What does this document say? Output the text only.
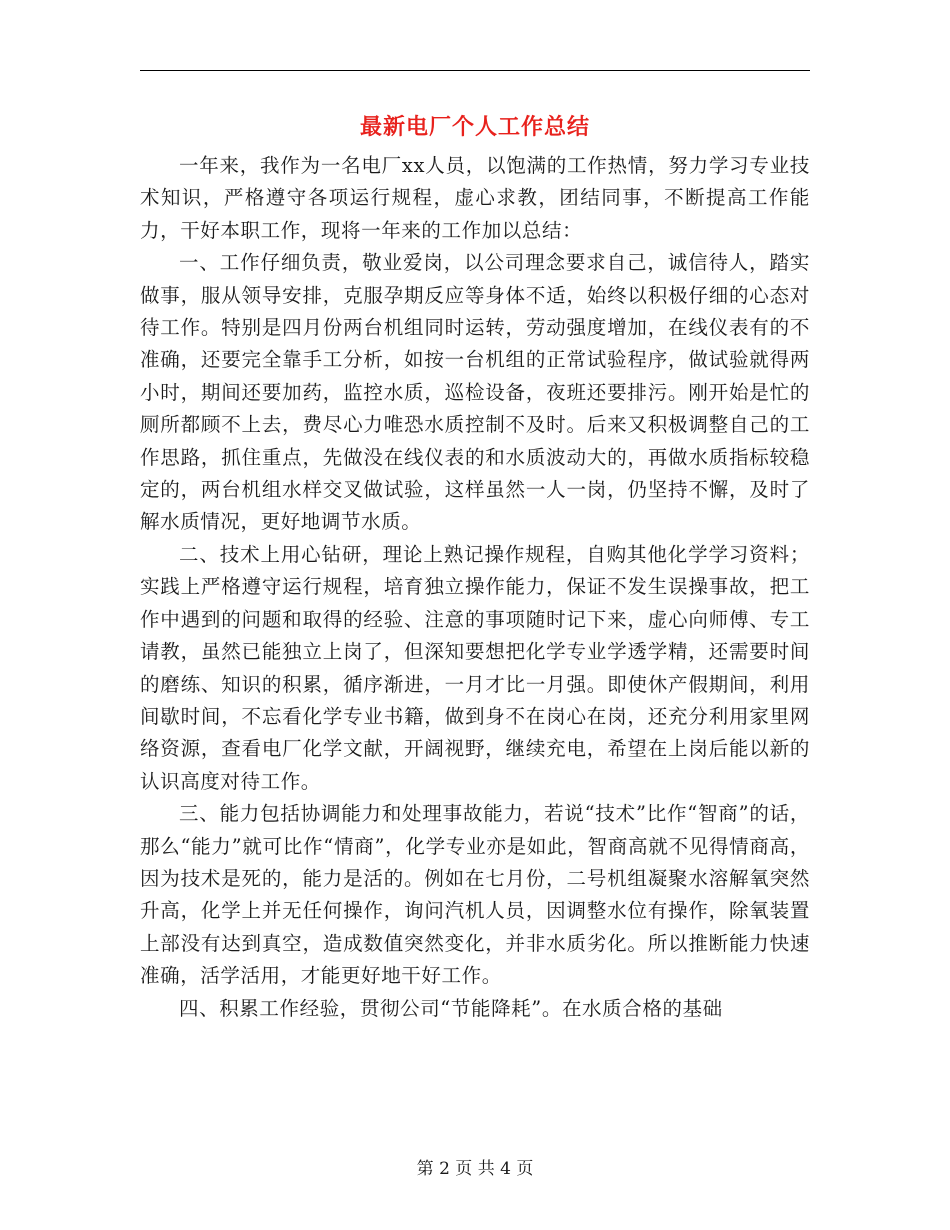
最新电厂个人工作总结

一年来，我作为一名电厂xx人员，以饱满的工作热情，努力学习专业技术知识，严格遵守各项运行规程，虚心求教，团结同事，不断提高工作能力，干好本职工作，现将一年来的工作加以总结：

一、工作仔细负责，敬业爱岗，以公司理念要求自己，诚信待人，踏实做事，服从领导安排，克服孕期反应等身体不适，始终以积极仔细的心态对待工作。特别是四月份两台机组同时运转，劳动强度增加，在线仪表有的不准确，还要完全靠手工分析，如按一台机组的正常试验程序，做试验就得两小时，期间还要加药，监控水质，巡检设备，夜班还要排污。刚开始是忙的厕所都顾不上去，费尽心力唯恐水质控制不及时。后来又积极调整自己的工作思路，抓住重点，先做没在线仪表的和水质波动大的，再做水质指标较稳定的，两台机组水样交叉做试验，这样虽然一人一岗，仍坚持不懈，及时了解水质情况，更好地调节水质。

二、技术上用心钻研，理论上熟记操作规程，自购其他化学学习资料；实践上严格遵守运行规程，培育独立操作能力，保证不发生误操事故，把工作中遇到的问题和取得的经验、注意的事项随时记下来，虚心向师傅、专工请教，虽然已能独立上岗了，但深知要想把化学专业学透学精，还需要时间的磨练、知识的积累，循序渐进，一月才比一月强。即使休产假期间，利用间歇时间，不忘看化学专业书籍，做到身不在岗心在岗，还充分利用家里网络资源，查看电厂化学文献，开阔视野，继续充电，希望在上岗后能以新的认识高度对待工作。

三、能力包括协调能力和处理事故能力，若说“技术”比作“智商”的话，那么“能力”就可比作“情商”，化学专业亦是如此，智商高就不见得情商高，因为技术是死的，能力是活的。例如在七月份，二号机组凝聚水溶解氧突然升高，化学上并无任何操作，询问汽机人员，因调整水位有操作，除氧装置上部没有达到真空，造成数值突然变化，并非水质劣化。所以推断能力快速准确，活学活用，才能更好地干好工作。

四、积累工作经验，贯彻公司“节能降耗”。在水质合格的基础

第 2 页 共 4 页
